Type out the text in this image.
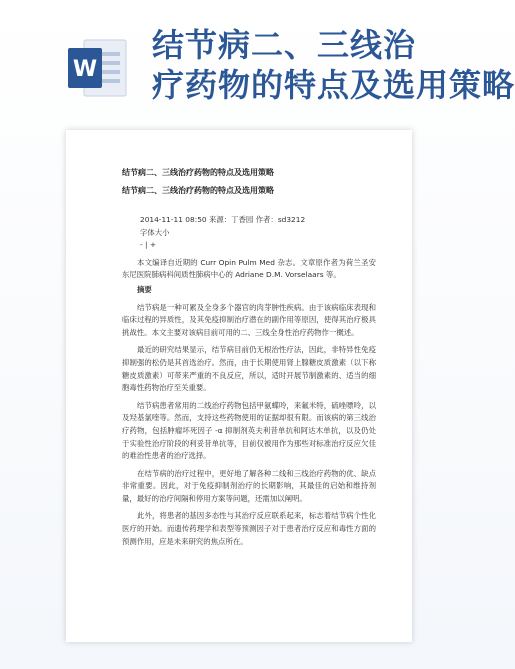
W
结节病二、三线治
疗药物的特点及选用策略
结节病二、三线治疗药物的特点及选用策略
结节病二、三线治疗药物的特点及选用策略
2014-11-11 08:50 来源：丁香园 作者：sd3212
字体大小
- | +
本文编译自近期的 Curr Opin Pulm Med 杂志。文章原作者为荷兰圣安东尼医院肺病科间质性肺病中心的 Adriane D.M. Vorselaars 等。
摘要
结节病是一种可累及全身多个器官的肉芽肿性疾病。由于该病临床表现和临床过程的异质性，及其免疫抑制治疗潜在的副作用等原因，使得其治疗极具挑战性。本文主要对该病目前可用的二、三线全身性治疗药物作一概述。
最近的研究结果显示，结节病目前仍无根治性疗法，因此，非特异性免疫抑制强的松仍是其首选治疗。然而，由于长期使用肾上腺糖皮质激素（以下称糖皮质激素）可带来严重的不良反应，所以，适时开展节制激素的、适当的细胞毒性药物治疗至关重要。
结节病患者常用的二线治疗药物包括甲氨蝶呤，来氟米特，硫唑嘌呤，以及羟基氯喹等。然而，支持这些药物使用的证据却很有限。而该病的第三线治疗药物，包括肿瘤坏死因子 -α 抑制剂英夫利昔单抗和阿达木单抗，以及仍处于实验性治疗阶段的利妥昔单抗等，目前仅被用作为那些对标准治疗反应欠佳的难治性患者的治疗选择。
在结节病的治疗过程中，更好地了解各种二线和三线治疗药物的优、缺点非常重要。因此，对于免疫抑制剂治疗的长期影响，其最佳的启始和维持剂量，最好的治疗间隔和停用方案等问题，还需加以阐明。
此外，将患者的基因多态性与其治疗反应联系起来，标志着结节病个性化医疗的开始。而遗传药理学和表型等预测因子对于患者治疗反应和毒性方面的预测作用，应是未来研究的焦点所在。
